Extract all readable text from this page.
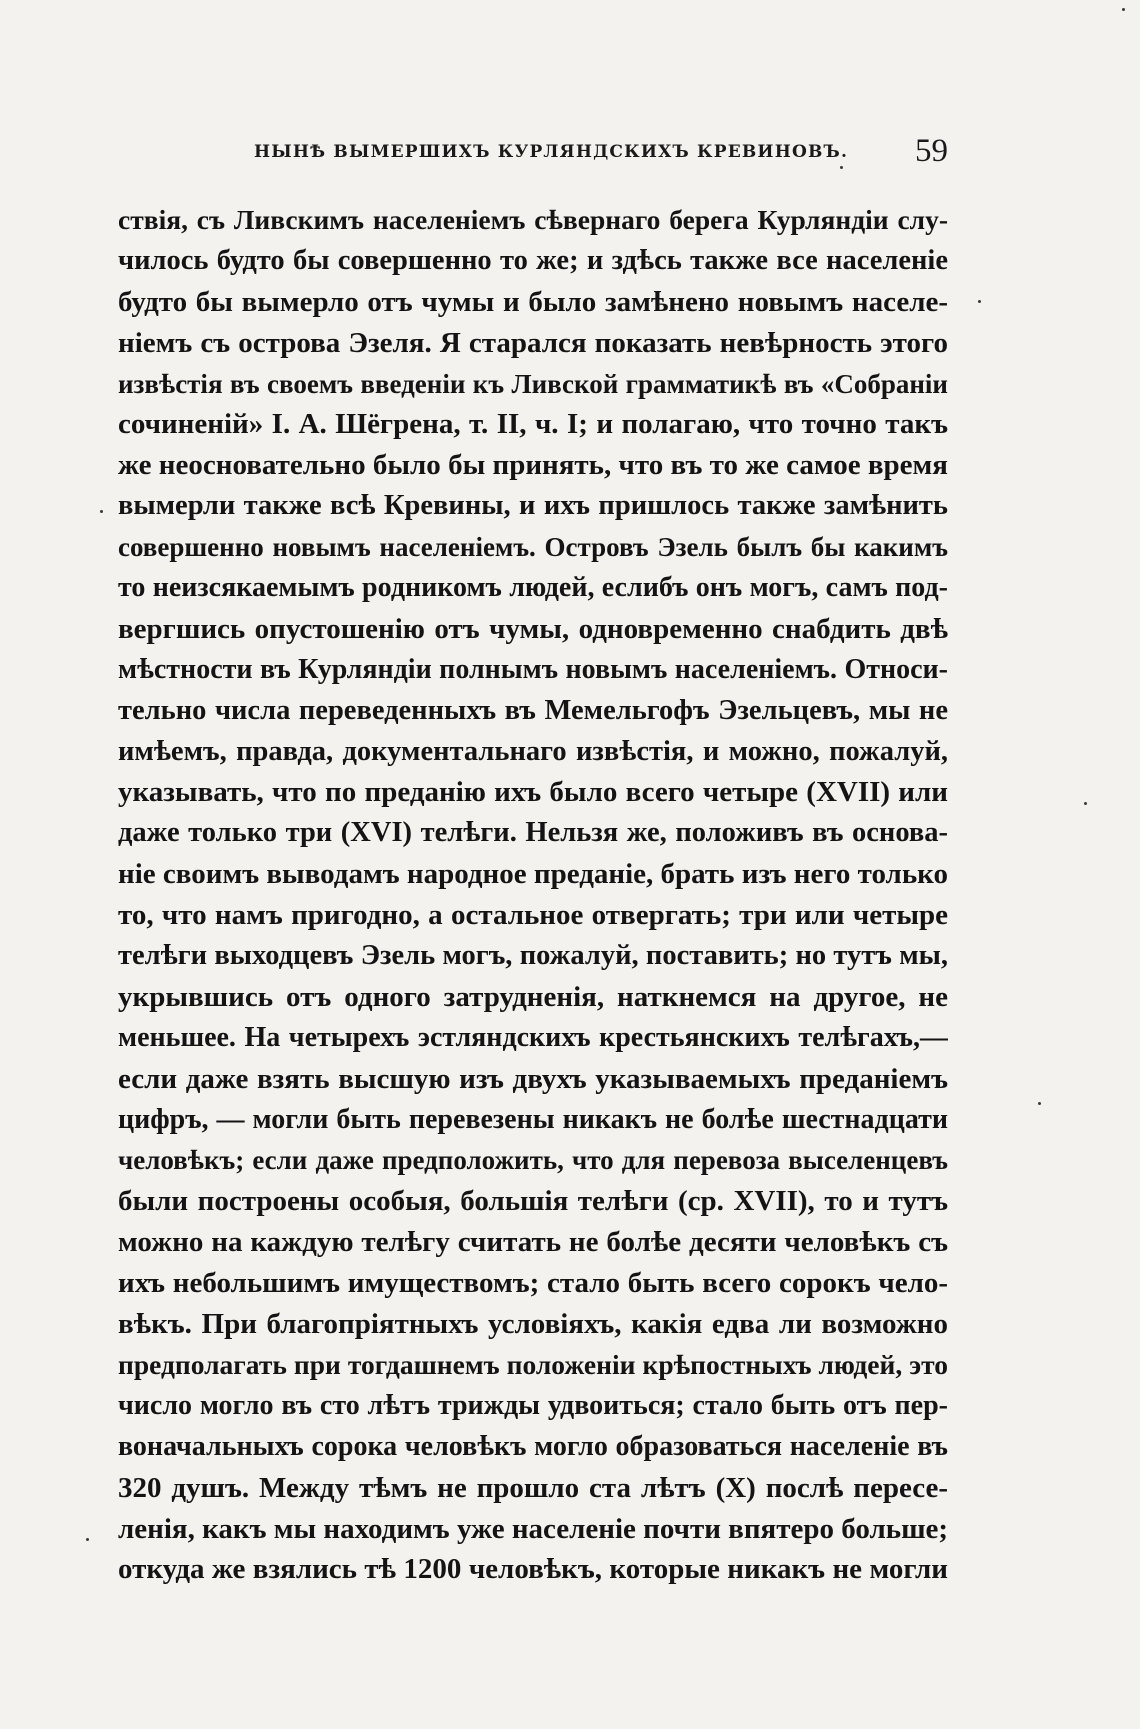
НЫНѢ ВЫМЕРШИХЪ КУРЛЯНДСКИХЪ КРЕВИНОВЪ. 59
ствія, съ Ливскимъ населеніемъ сѣвернаго берега Курляндіи слу-
чилось будто бы совершенно то же; и здѣсь также все населеніе
будто бы вымерло отъ чумы и было замѣнено новымъ населе-
ніемъ съ острова Эзеля. Я старался показать невѣрность этого
извѣстія въ своемъ введеніи къ Ливской грамматикѣ въ «Собраніи
сочиненій» І. А. Шёгрена, т. II, ч. I; и полагаю, что точно такъ
же неосновательно было бы принять, что въ то же самое время
вымерли также всѣ Кревины, и ихъ пришлось также замѣнить
совершенно новымъ населеніемъ. Островъ Эзель былъ бы какимъ
то неизсякаемымъ родникомъ людей, еслибъ онъ могъ, самъ под-
вергшись опустошенію отъ чумы, одновременно снабдить двѣ
мѣстности въ Курляндіи полнымъ новымъ населеніемъ. Относи-
тельно числа переведенныхъ въ Мемельгофъ Эзельцевъ, мы не
имѣемъ, правда, документальнаго извѣстія, и можно, пожалуй,
указывать, что по преданію ихъ было всего четыре (XVII) или
даже только три (XVI) телѣги. Нельзя же, положивъ въ основа-
ніе своимъ выводамъ народное преданіе, брать изъ него только
то, что намъ пригодно, а остальное отвергать; три или четыре
телѣги выходцевъ Эзель могъ, пожалуй, поставить; но тутъ мы,
укрывшись отъ одного затрудненія, наткнемся на другое, не
меньшее. На четырехъ эстляндскихъ крестьянскихъ телѣгахъ,—
если даже взять высшую изъ двухъ указываемыхъ преданіемъ
цифръ, — могли быть перевезены никакъ не болѣе шестнадцати
человѣкъ; если даже предположить, что для перевоза выселенцевъ
были построены особыя, большія телѣги (ср. XVII), то и тутъ
можно на каждую телѣгу считать не болѣе десяти человѣкъ съ
ихъ небольшимъ имуществомъ; стало быть всего сорокъ чело-
вѣкъ. При благопріятныхъ условіяхъ, какія едва ли возможно
предполагать при тогдашнемъ положеніи крѣпостныхъ людей, это
число могло въ сто лѣтъ трижды удвоиться; стало быть отъ пер-
воначальныхъ сорока человѣкъ могло образоваться населеніе въ
320 душъ. Между тѣмъ не прошло ста лѣтъ (X) послѣ пересе-
ленія, какъ мы находимъ уже населеніе почти впятеро больше;
откуда же взялись тѣ 1200 человѣкъ, которые никакъ не могли
